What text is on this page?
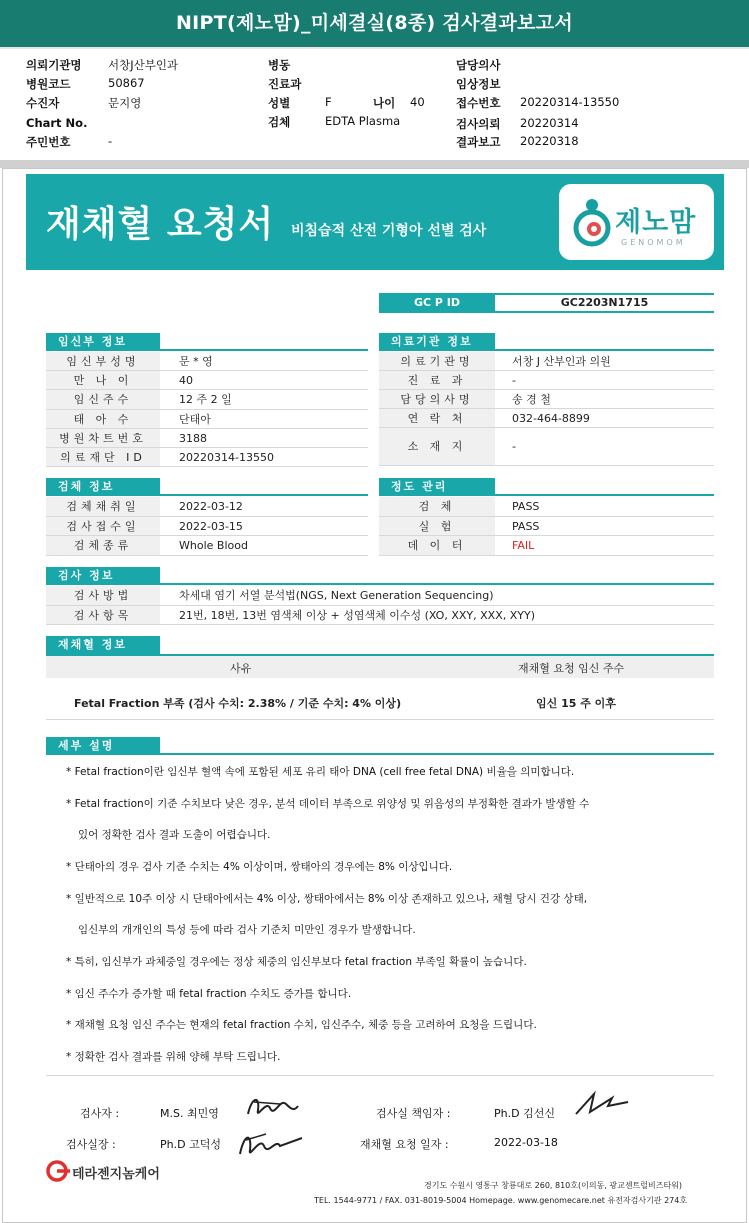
NIPT(제노맘)_미세결실(8종) 검사결과보고서
의뢰기관명 서창J산부인과
병원코드	50867
수진자	문지영
Chart No.
주민번호	-
병동
진료과
성별	F	나이 40
검체	EDTA Plasma
담당의사
임상정보
접수번호 20220314-13550
검사의뢰 20220314
결과보고 20220318
재채혈 요청서 비침습적 산전 기형아 선별 검사	제노맘
GENOMOM
GC P ID	GC2203N1715
임신부 정보
임신부성명	문 * 영
만 나 이	40
임신주수	12 주 2 일
태 아 수	단태아
병원차트번호	3188
의료재단 ID	20220314-13550
의료기관 정보
의료기관명	서창 J 산부인과 의원
진 료 과	-
담당의사명	송 경 철
연 락 처	032-464-8899
소 재 지	-
검체 정보
검체채취일	2022-03-12
검사접수일	2022-03-15
검체종류	Whole Blood
정도 관리
검 체	PASS
실 험	PASS
데 이 터	FAIL
검사 정보
검사방법	차세대 염기 서열 분석법(NGS, Next Generation Sequencing)
검사항목	21번, 18번, 13번 염색체 이상 + 성염색체 이수성 (XO, XXY, XXX, XYY)
재채혈 정보
사유	재채혈 요청 임신 주수
Fetal Fraction 부족 (검사 수치: 2.38% / 기준 수치: 4% 이상)	임신 15 주 이후
세부 설명
* Fetal fraction이란 임신부 혈액 속에 포함된 세포 유리 태아 DNA (cell free fetal DNA) 비율을 의미합니다.
* Fetal fraction이 기준 수치보다 낮은 경우, 분석 데이터 부족으로 위양성 및 위음성의 부정확한 결과가 발생할 수
있어 정확한 검사 결과 도출이 어렵습니다.
* 단태아의 경우 검사 기준 수치는 4% 이상이며, 쌍태아의 경우에는 8% 이상입니다.
* 일반적으로 10주 이상 시 단태아에서는 4% 이상, 쌍태아에서는 8% 이상 존재하고 있으나, 채혈 당시 건강 상태,
임신부의 개개인의 특성 등에 따라 검사 기준치 미만인 경우가 발생합니다.
* 특히, 임신부가 과체중일 경우에는 정상 체중의 임신부보다 fetal fraction 부족일 확률이 높습니다.
* 임신 주수가 증가할 때 fetal fraction 수치도 증가를 합니다.
* 재채혈 요청 임신 주수는 현재의 fetal fraction 수치, 임신주수, 체중 등을 고려하여 요청을 드립니다.
* 정확한 검사 결과를 위해 양해 부탁 드립니다.
검사자 :	M.S. 최민영
검사실장 :	Ph.D 고덕성
검사실 책임자 :	Ph.D 김선신
재채혈 요청 일자 :	2022-03-18
테라젠지놈케어
경기도 수원시 영통구 창룡대로 260, 810호(이의동, 광교센트럴비즈타워)
TEL. 1544-9771 / FAX. 031-8019-5004 Homepage. www.genomecare.net 유전자검사기관 274호
